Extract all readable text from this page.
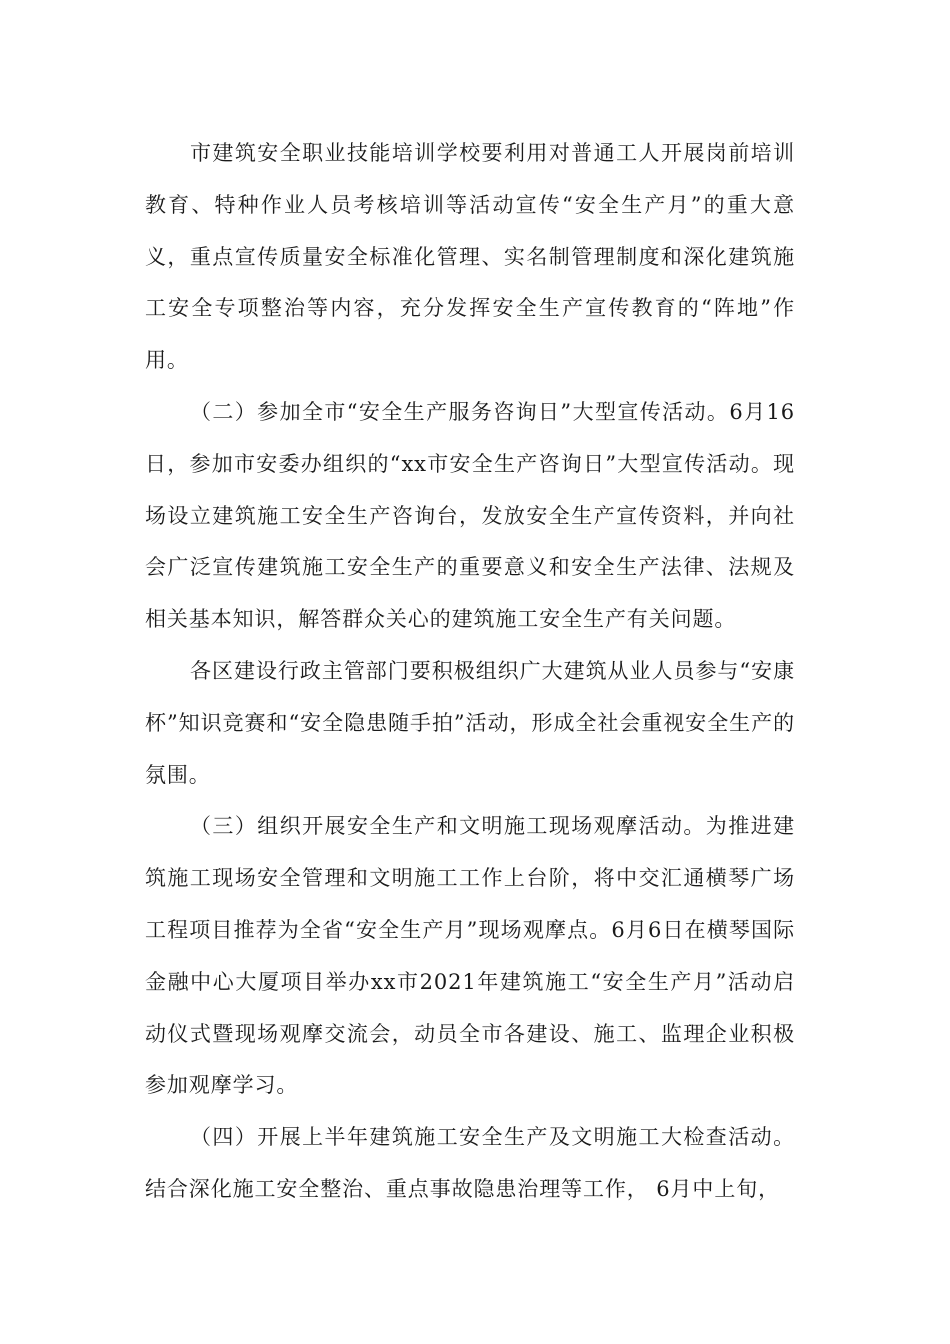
市建筑安全职业技能培训学校要利用对普通工人开展岗前培训教育、特种作业人员考核培训等活动宣传“安全生产月”的重大意义，重点宣传质量安全标准化管理、实名制管理制度和深化建筑施工安全专项整治等内容，充分发挥安全生产宣传教育的“阵地”作用。

（二）参加全市“安全生产服务咨询日”大型宣传活动。6月16日，参加市安委办组织的“xx市安全生产咨询日”大型宣传活动。现场设立建筑施工安全生产咨询台，发放安全生产宣传资料，并向社会广泛宣传建筑施工安全生产的重要意义和安全生产法律、法规及相关基本知识，解答群众关心的建筑施工安全生产有关问题。

各区建设行政主管部门要积极组织广大建筑从业人员参与“安康杯”知识竞赛和“安全隐患随手拍”活动，形成全社会重视安全生产的氛围。

（三）组织开展安全生产和文明施工现场观摩活动。为推进建筑施工现场安全管理和文明施工工作上台阶，将中交汇通横琴广场工程项目推荐为全省“安全生产月”现场观摩点。6月6日在横琴国际金融中心大厦项目举办xx市2021年建筑施工“安全生产月”活动启动仪式暨现场观摩交流会，动员全市各建设、施工、监理企业积极参加观摩学习。

（四）开展上半年建筑施工安全生产及文明施工大检查活动。结合深化施工安全整治、重点事故隐患治理等工作， 6月中上旬，
